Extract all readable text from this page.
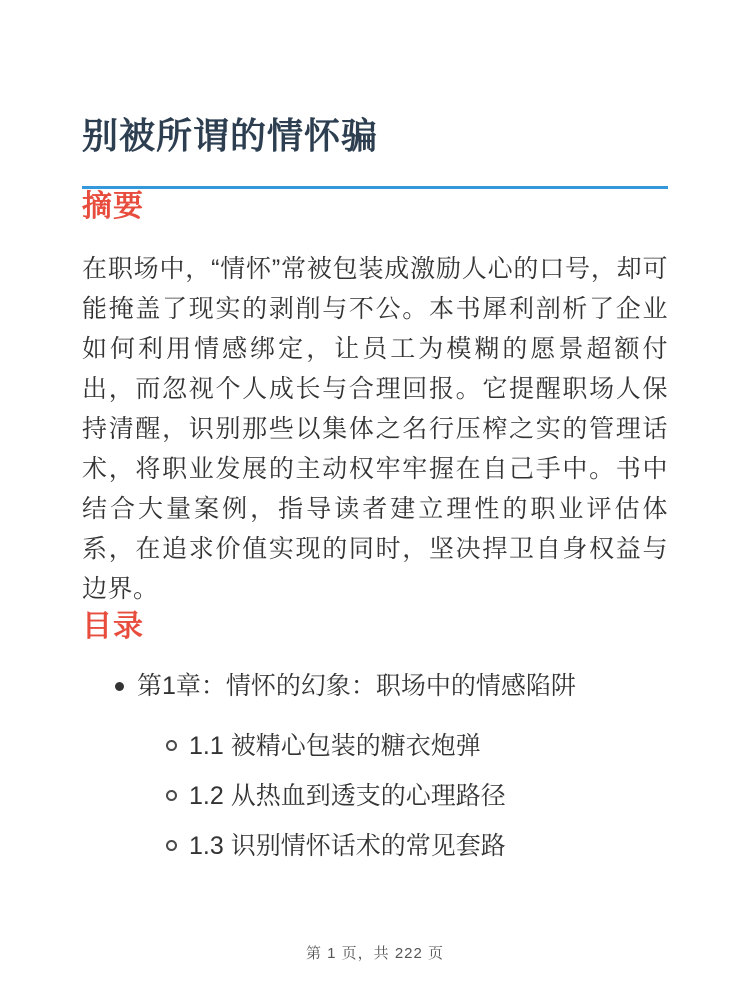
别被所谓的情怀骗
摘要

在职场中，“情怀”常被包装成激励人心的口号，却可能掩盖了现实的剥削与不公。本书犀利剖析了企业如何利用情感绑定，让员工为模糊的愿景超额付出，而忽视个人成长与合理回报。它提醒职场人保持清醒，识别那些以集体之名行压榨之实的管理话术，将职业发展的主动权牢牢握在自己手中。书中结合大量案例，指导读者建立理性的职业评估体系，在追求价值实现的同时，坚决捍卫自身权益与边界。

目录
第1章：情怀的幻象：职场中的情感陷阱
1.1 被精心包装的糖衣炮弹
1.2 从热血到透支的心理路径
1.3 识别情怀话术的常见套路
第 1 页，共 222 页
